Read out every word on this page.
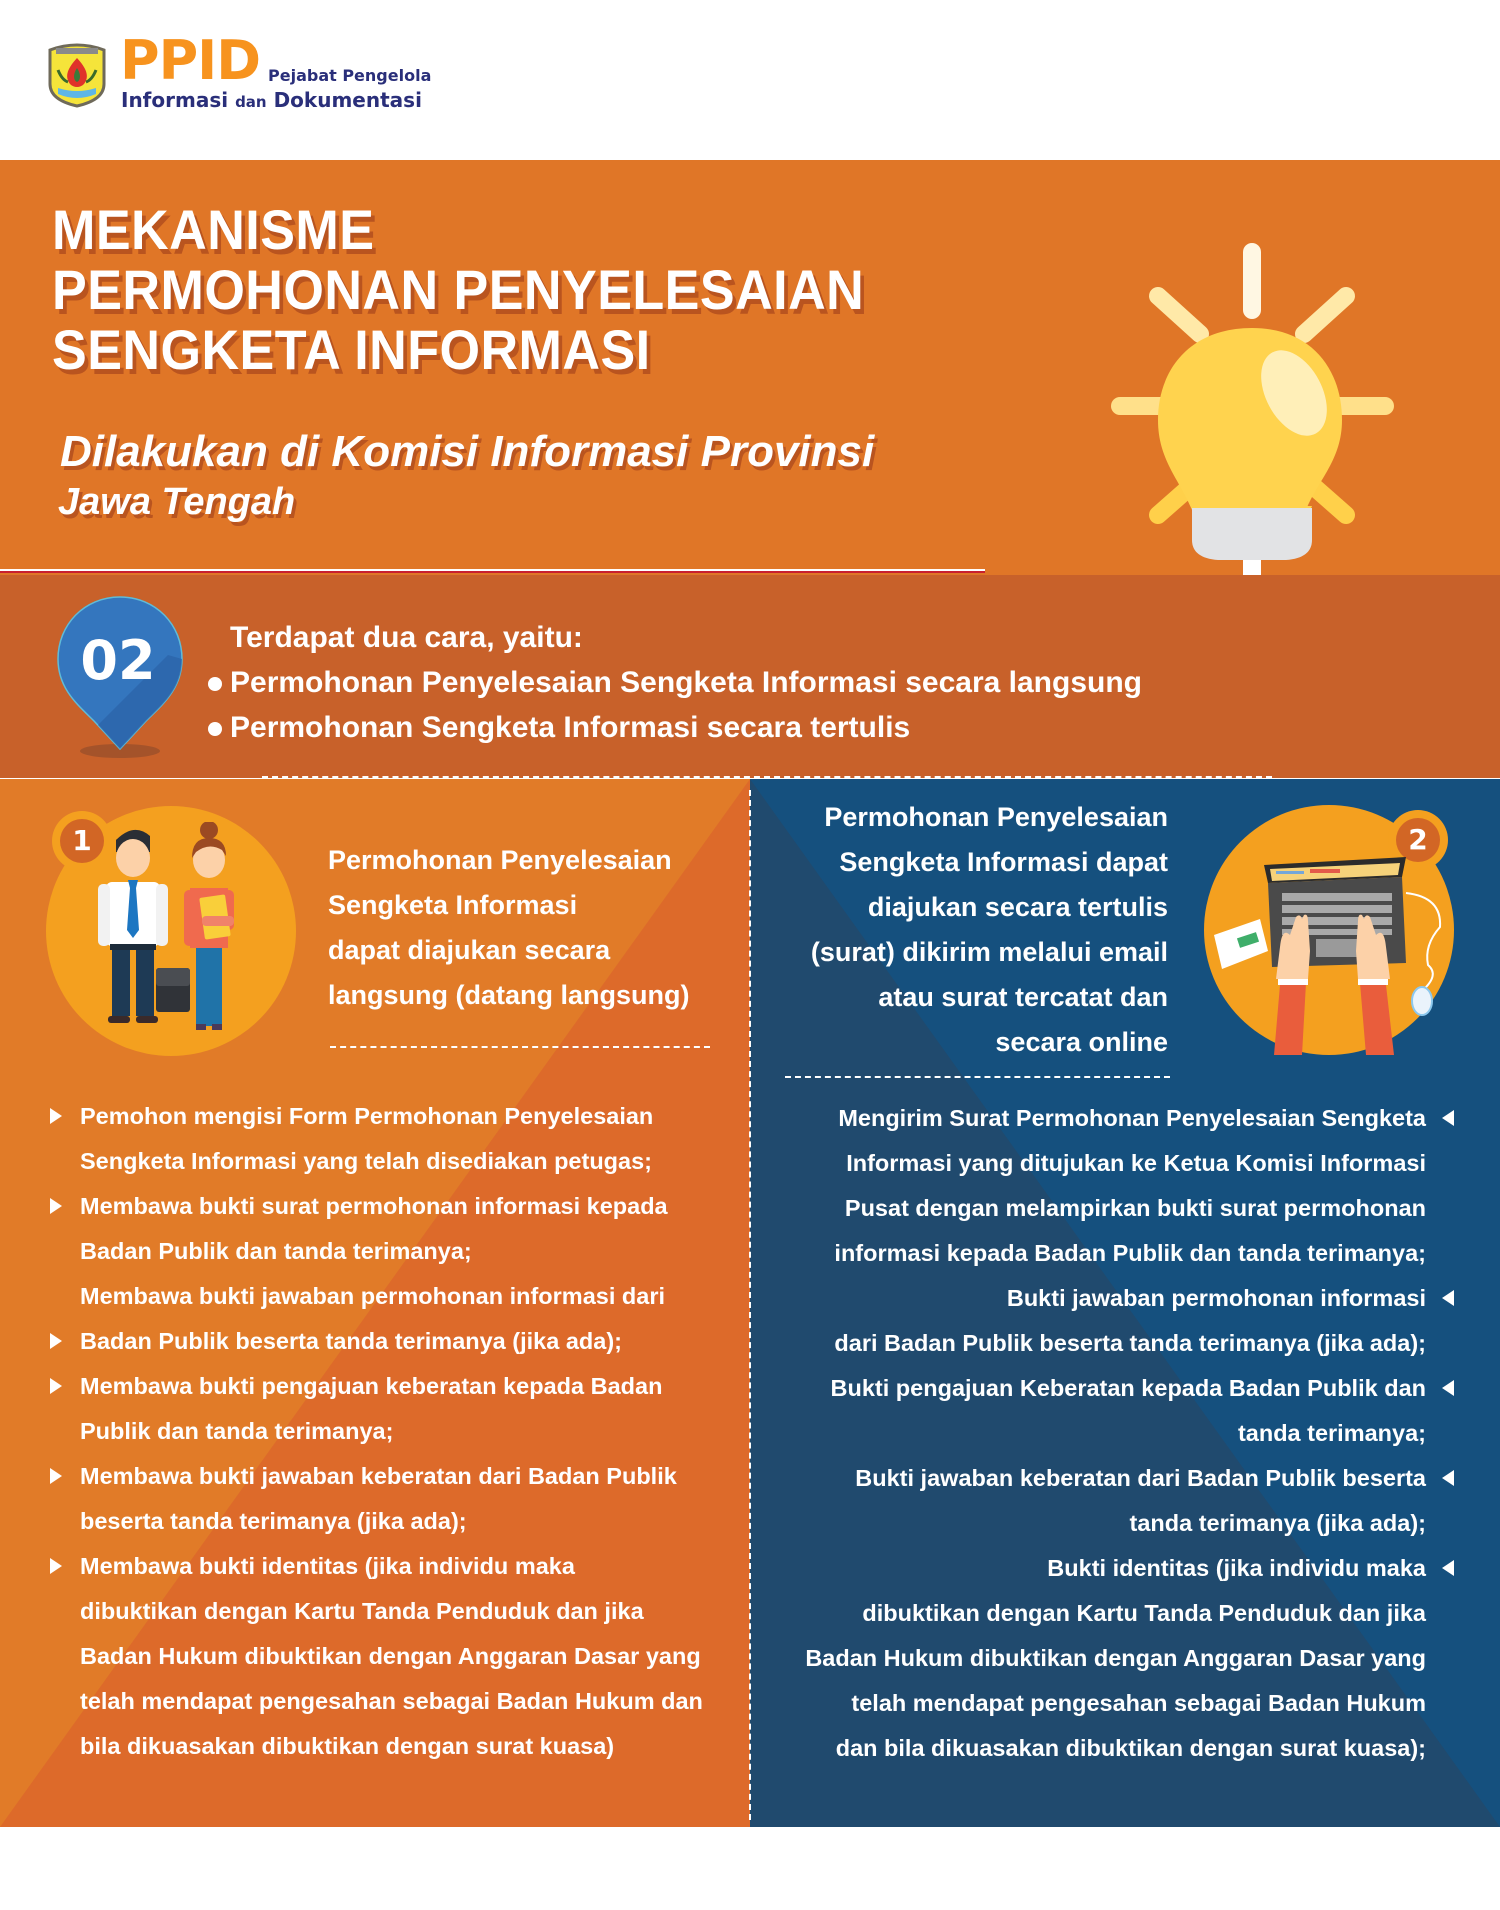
PPID Pejabat Pengelola
Informasi dan Dokumentasi
MEKANISME
PERMOHONAN PENYELESAIAN
SENGKETA INFORMASI
Dilakukan di Komisi Informasi Provinsi
Jawa Tengah
02	Terdapat dua cara, yaitu:
Permohonan Penyelesaian Sengketa Informasi secara langsung
Permohonan Sengketa Informasi secara tertulis
1
Permohonan Penyelesaian
Sengketa Informasi
dapat diajukan secara
langsung (datang langsung)
2
Permohonan Penyelesaian
Sengketa Informasi dapat
diajukan secara tertulis
(surat) dikirim melalui email
atau surat tercatat dan
secara online
Pemohon mengisi Form Permohonan Penyelesaian
Sengketa Informasi yang telah disediakan petugas;
Membawa bukti surat permohonan informasi kepada
Badan Publik dan tanda terimanya;
Membawa bukti jawaban permohonan informasi dari
Badan Publik beserta tanda terimanya (jika ada);
Membawa bukti pengajuan keberatan kepada Badan
Publik dan tanda terimanya;
Membawa bukti jawaban keberatan dari Badan Publik
beserta tanda terimanya (jika ada);
Membawa bukti identitas (jika individu maka
dibuktikan dengan Kartu Tanda Penduduk dan jika
Badan Hukum dibuktikan dengan Anggaran Dasar yang
telah mendapat pengesahan sebagai Badan Hukum dan
bila dikuasakan dibuktikan dengan surat kuasa)
Mengirim Surat Permohonan Penyelesaian Sengketa
Informasi yang ditujukan ke Ketua Komisi Informasi
Pusat dengan melampirkan bukti surat permohonan
informasi kepada Badan Publik dan tanda terimanya;
Bukti jawaban permohonan informasi
dari Badan Publik beserta tanda terimanya (jika ada);
Bukti pengajuan Keberatan kepada Badan Publik dan
tanda terimanya;
Bukti jawaban keberatan dari Badan Publik beserta
tanda terimanya (jika ada);
Bukti identitas (jika individu maka
dibuktikan dengan Kartu Tanda Penduduk dan jika
Badan Hukum dibuktikan dengan Anggaran Dasar yang
telah mendapat pengesahan sebagai Badan Hukum
dan bila dikuasakan dibuktikan dengan surat kuasa);
